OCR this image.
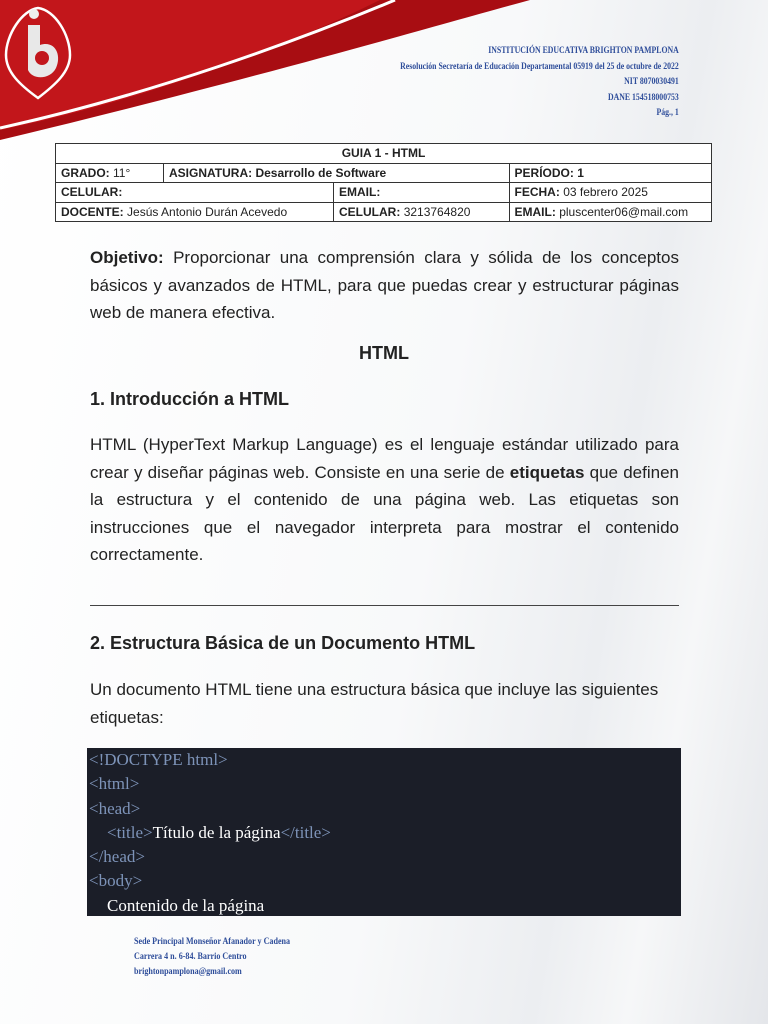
INSTITUCIÓN EDUCATIVA BRIGHTON PAMPLONA
Resolución Secretaría de Educación Departamental 05919 del 25 de octubre de 2022
NIT 8070030491
DANE 154518000753
Pág., 1
GUIA 1 - HTML			
GRADO: 11°	ASIGNATURA: Desarrollo de Software		PERÍODO: 1
CELULAR:		EMAIL:	FECHA: 03 febrero 2025
DOCENTE: Jesús Antonio Durán Acevedo		CELULAR: 3213764820	EMAIL: pluscenter06@mail.com
Objetivo: Proporcionar una comprensión clara y sólida de los conceptos básicos y avanzados de HTML, para que puedas crear y estructurar páginas web de manera efectiva.
HTML
1. Introducción a HTML
HTML (HyperText Markup Language) es el lenguaje estándar utilizado para crear y diseñar páginas web. Consiste en una serie de etiquetas que definen la estructura y el contenido de una página web. Las etiquetas son instrucciones que el navegador interpreta para mostrar el contenido correctamente.
2. Estructura Básica de un Documento HTML
Un documento HTML tiene una estructura básica que incluye las siguientes etiquetas:
<!DOCTYPE html>
<html>
<head>
<title>Título de la página</title>
</head>
<body>
Contenido de la página
Sede Principal Monseñor Afanador y Cadena
Carrera 4 n. 6-84. Barrio Centro
brightonpamplona@gmail.com
